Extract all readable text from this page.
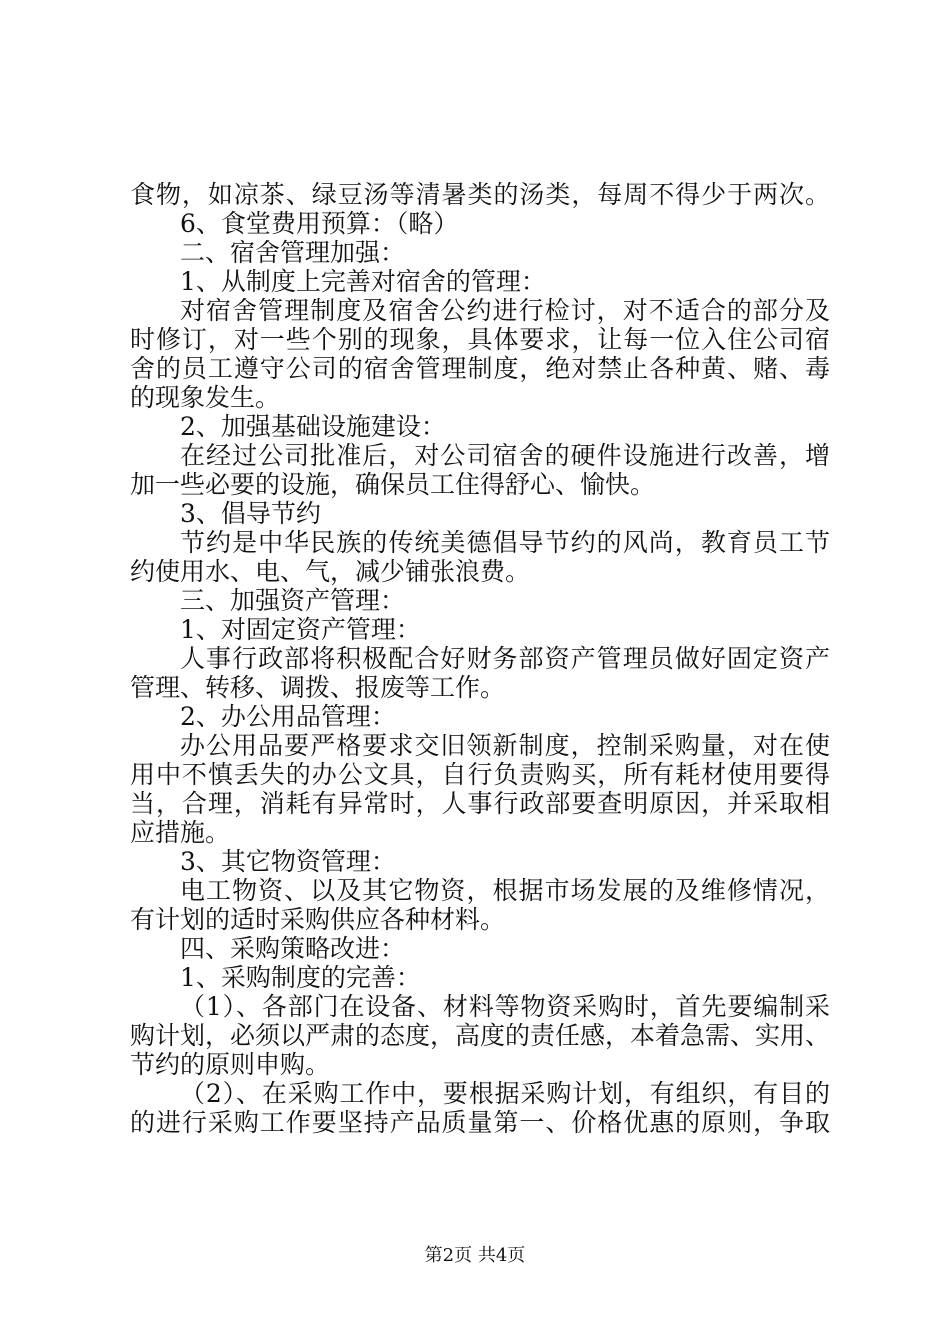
食物，如凉茶、绿豆汤等清暑类的汤类，每周不得少于两次。
6、食堂费用预算：（略）
二、宿舍管理加强：
1、从制度上完善对宿舍的管理：
对宿舍管理制度及宿舍公约进行检讨，对不适合的部分及
时修订，对一些个别的现象，具体要求，让每一位入住公司宿
舍的员工遵守公司的宿舍管理制度，绝对禁止各种黄、赌、毒
的现象发生。
2、加强基础设施建设：
在经过公司批准后，对公司宿舍的硬件设施进行改善，增
加一些必要的设施，确保员工住得舒心、愉快。
3、倡导节约
节约是中华民族的传统美德倡导节约的风尚，教育员工节
约使用水、电、气，减少铺张浪费。
三、加强资产管理：
1、对固定资产管理：
人事行政部将积极配合好财务部资产管理员做好固定资产
管理、转移、调拨、报废等工作。
2、办公用品管理：
办公用品要严格要求交旧领新制度，控制采购量，对在使
用中不慎丢失的办公文具，自行负责购买，所有耗材使用要得
当，合理，消耗有异常时，人事行政部要查明原因，并采取相
应措施。
3、其它物资管理：
电工物资、以及其它物资，根据市场发展的及维修情况，
有计划的适时采购供应各种材料。
四、采购策略改进：
1、采购制度的完善：
（1）、各部门在设备、材料等物资采购时，首先要编制采
购计划，必须以严肃的态度，高度的责任感，本着急需、实用、
节约的原则申购。
（2）、在采购工作中，要根据采购计划，有组织，有目的
的进行采购工作要坚持产品质量第一、价格优惠的原则，争取
第2页 共4页
